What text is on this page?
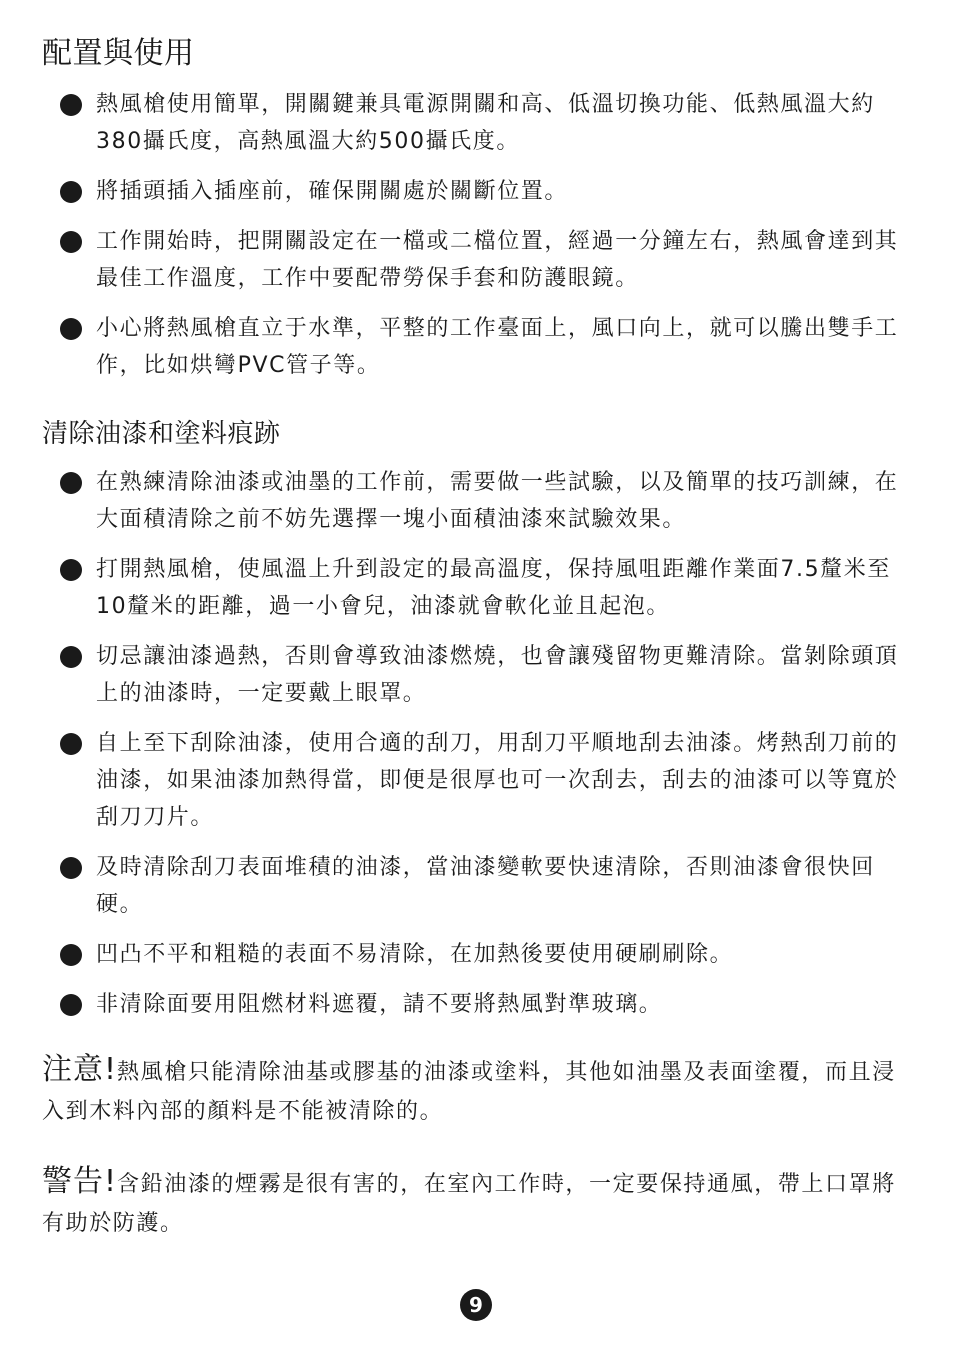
配置與使用
熱風槍使用簡單，開關鍵兼具電源開關和高、低溫切換功能、低熱風溫大約380攝氏度，高熱風溫大約500攝氏度。
將插頭插入插座前，確保開關處於關斷位置。
工作開始時，把開關設定在一檔或二檔位置，經過一分鐘左右，熱風會達到其最佳工作溫度，工作中要配帶勞保手套和防護眼鏡。
小心將熱風槍直立于水準，平整的工作臺面上，風口向上，就可以騰出雙手工作，比如烘彎PVC管子等。
清除油漆和塗料痕跡
在熟練清除油漆或油墨的工作前，需要做一些試驗，以及簡單的技巧訓練，在大面積清除之前不妨先選擇一塊小面積油漆來試驗效果。
打開熱風槍，使風溫上升到設定的最高溫度，保持風咀距離作業面7.5釐米至10釐米的距離，過一小會兒，油漆就會軟化並且起泡。
切忌讓油漆過熱，否則會導致油漆燃燒，也會讓殘留物更難清除。當剝除頭頂上的油漆時，一定要戴上眼罩。
自上至下刮除油漆，使用合適的刮刀，用刮刀平順地刮去油漆。烤熱刮刀前的油漆，如果油漆加熱得當，即便是很厚也可一次刮去，刮去的油漆可以等寬於刮刀刀片。
及時清除刮刀表面堆積的油漆，當油漆變軟要快速清除，否則油漆會很快回硬。
凹凸不平和粗糙的表面不易清除，在加熱後要使用硬刷刷除。
非清除面要用阻燃材料遮覆，請不要將熱風對準玻璃。

注意!熱風槍只能清除油基或膠基的油漆或塗料，其他如油墨及表面塗覆，而且浸入到木料內部的顏料是不能被清除的。

警告!含鉛油漆的煙霧是很有害的，在室內工作時，一定要保持通風，帶上口罩將有助於防護。

9
